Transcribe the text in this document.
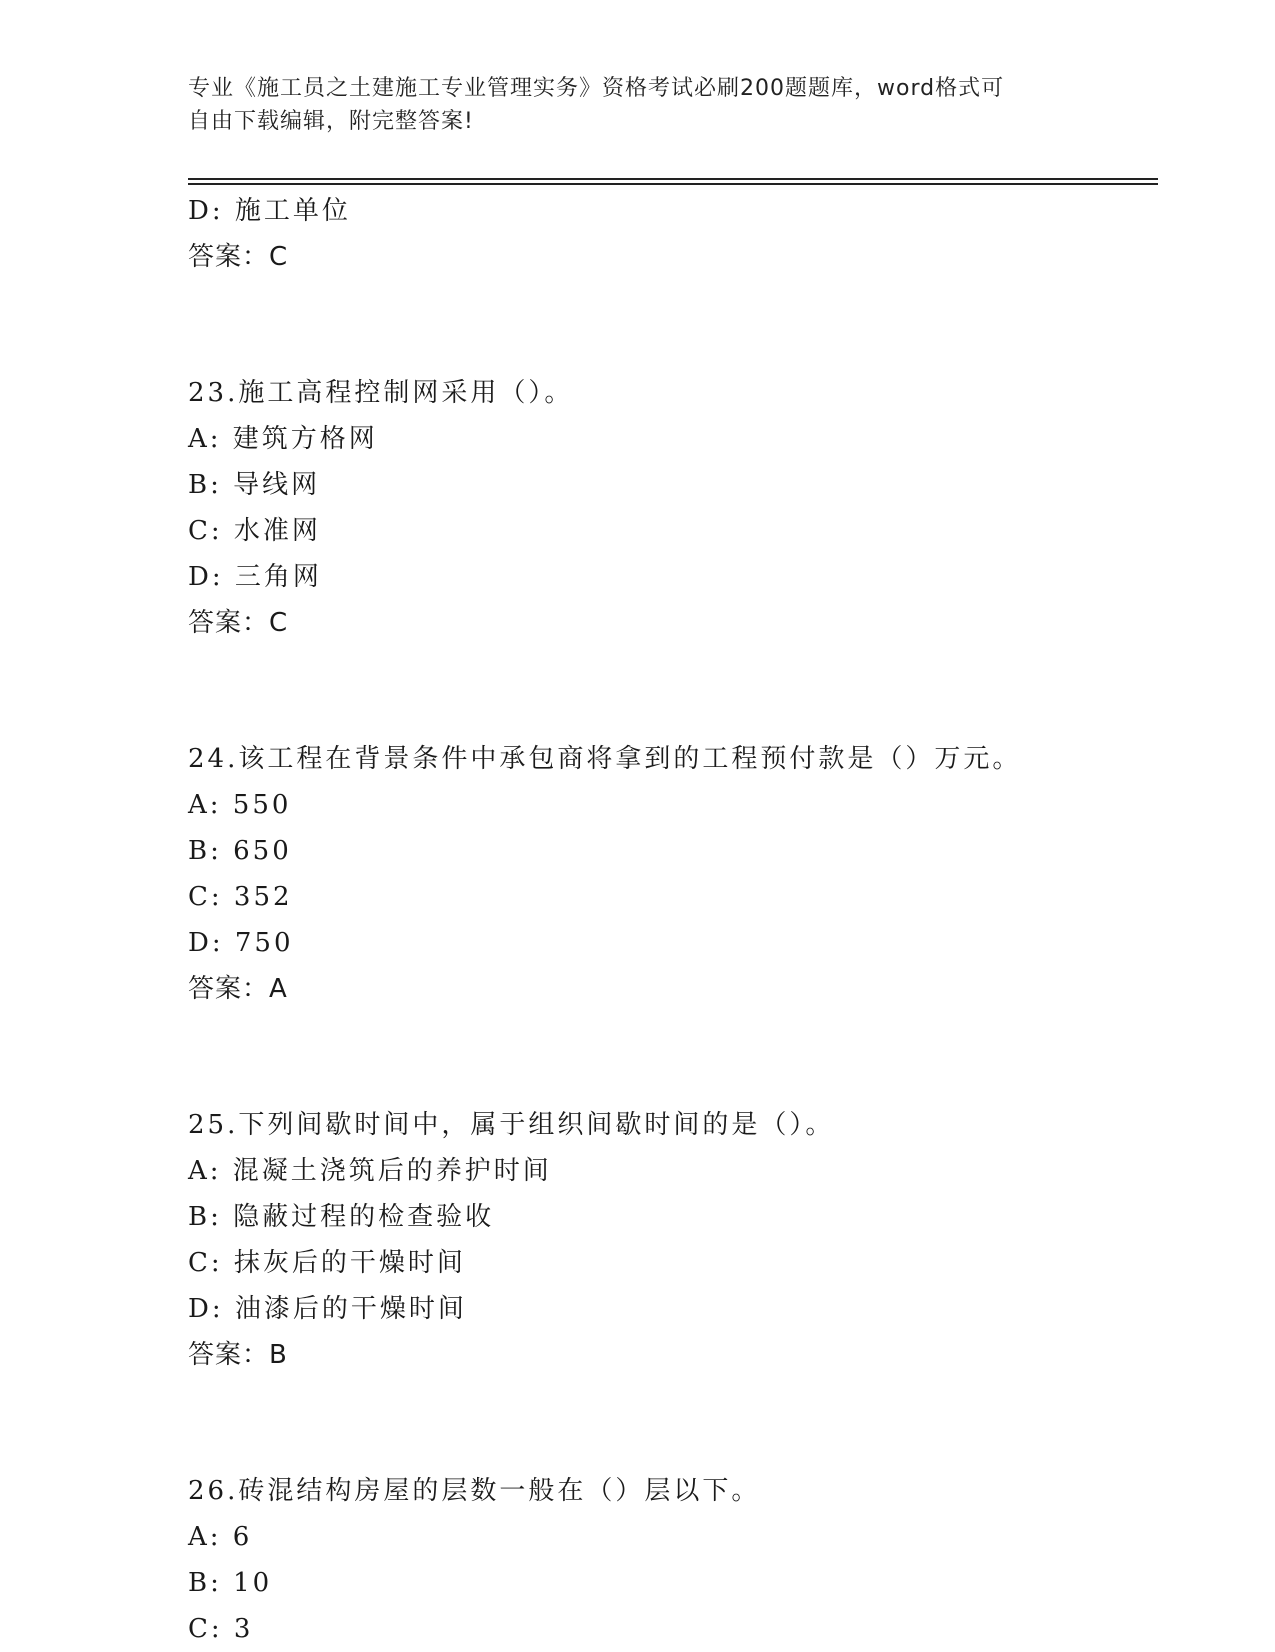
专业《施工员之土建施工专业管理实务》资格考试必刷200题题库，word格式可
自由下载编辑，附完整答案!
D: 施工单位
答案：C
23.施工高程控制网采用（）。
A: 建筑方格网
B: 导线网
C: 水准网
D: 三角网
答案：C
24.该工程在背景条件中承包商将拿到的工程预付款是（）万元。
A: 550
B: 650
C: 352
D: 750
答案：A
25.下列间歇时间中，属于组织间歇时间的是（）。
A: 混凝土浇筑后的养护时间
B: 隐蔽过程的检查验收
C: 抹灰后的干燥时间
D: 油漆后的干燥时间
答案：B
26.砖混结构房屋的层数一般在（）层以下。
A: 6
B: 10
C: 3
